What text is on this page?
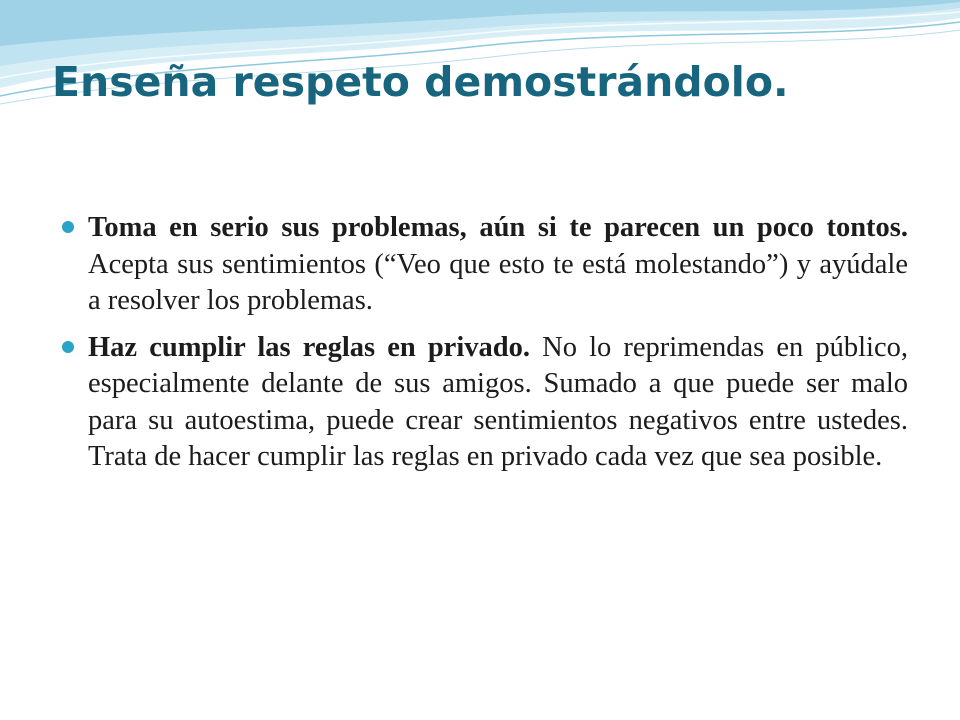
Enseña respeto demostrándolo.
Toma en serio sus problemas, aún si te parecen un poco tontos. Acepta sus sentimientos (“Veo que esto te está molestando”) y ayúdale a resolver los problemas.
Haz cumplir las reglas en privado. No lo reprimendas en público, especialmente delante de sus amigos. Sumado a que puede ser malo para su autoestima, puede crear sentimientos negativos entre ustedes. Trata de hacer cumplir las reglas en privado cada vez que sea posible.
